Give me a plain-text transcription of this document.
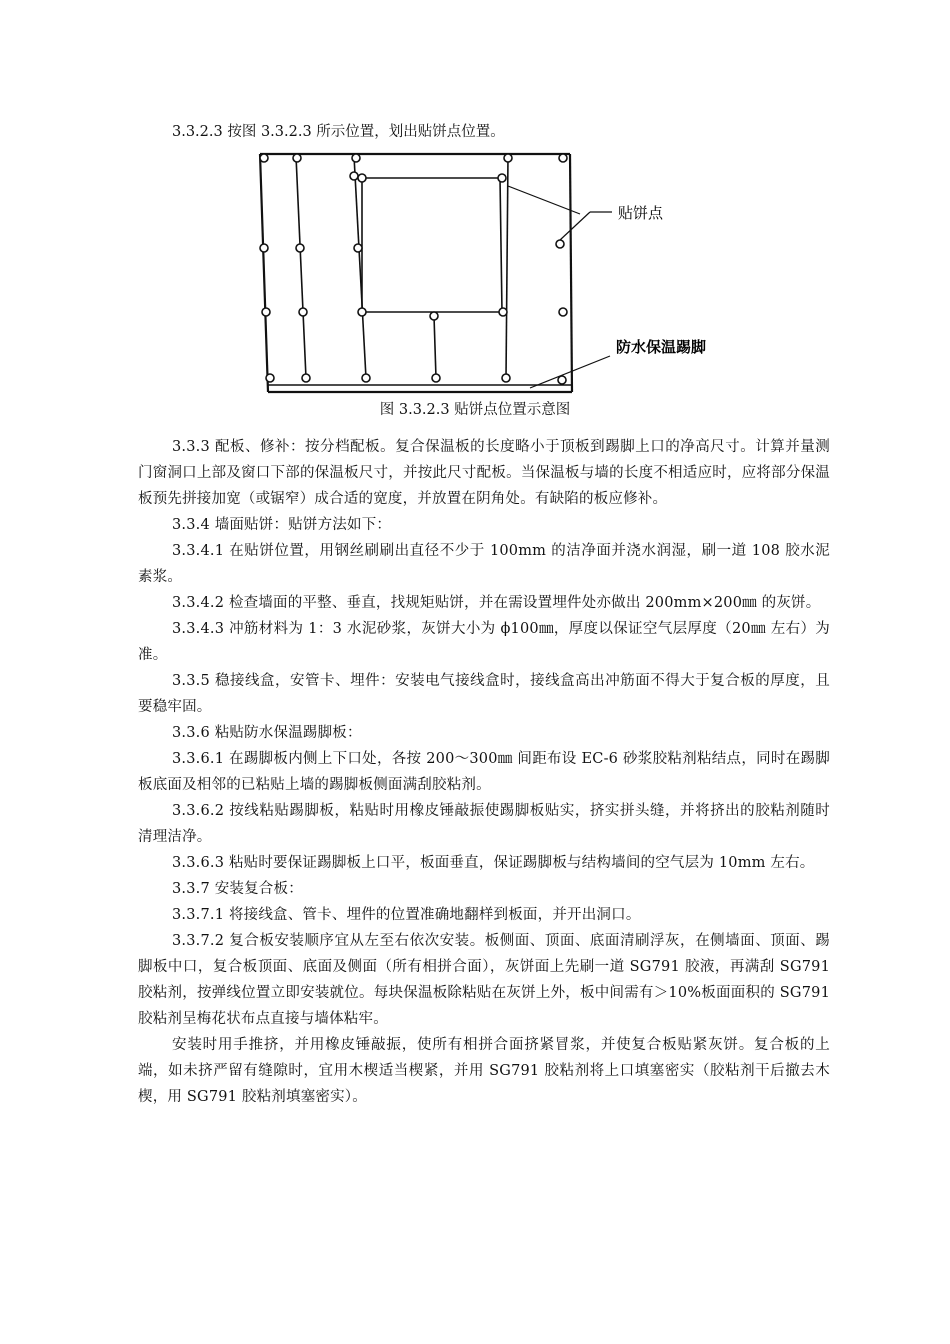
3.3.2.3 按图 3.3.2.3 所示位置，划出贴饼点位置。
贴饼点
防水保温踢脚
图 3.3.2.3 贴饼点位置示意图

3.3.3 配板、修补：按分档配板。复合保温板的长度略小于顶板到踢脚上口的净高尺寸。计算并量测门窗洞口上部及窗口下部的保温板尺寸，并按此尺寸配板。当保温板与墙的长度不相适应时，应将部分保温板预先拼接加宽（或锯窄）成合适的宽度，并放置在阴角处。有缺陷的板应修补。

3.3.4 墙面贴饼：贴饼方法如下：

3.3.4.1 在贴饼位置，用钢丝刷刷出直径不少于 100mm 的洁净面并浇水润湿，刷一道 108 胶水泥素浆。

3.3.4.2 检查墙面的平整、垂直，找规矩贴饼，并在需设置埋件处亦做出 200mm×200㎜ 的灰饼。

3.3.4.3 冲筋材料为 1：3 水泥砂浆，灰饼大小为 ϕ100㎜，厚度以保证空气层厚度（20㎜ 左右）为准。

3.3.5 稳接线盒，安管卡、埋件：安装电气接线盒时，接线盒高出冲筋面不得大于复合板的厚度，且要稳牢固。

3.3.6 粘贴防水保温踢脚板：

3.3.6.1 在踢脚板内侧上下口处，各按 200～300㎜ 间距布设 EC-6 砂浆胶粘剂粘结点，同时在踢脚板底面及相邻的已粘贴上墙的踢脚板侧面满刮胶粘剂。

3.3.6.2 按线粘贴踢脚板，粘贴时用橡皮锤敲振使踢脚板贴实，挤实拼头缝，并将挤出的胶粘剂随时清理洁净。

3.3.6.3 粘贴时要保证踢脚板上口平，板面垂直，保证踢脚板与结构墙间的空气层为 10mm 左右。

3.3.7 安装复合板：

3.3.7.1 将接线盒、管卡、埋件的位置准确地翻样到板面，并开出洞口。

3.3.7.2 复合板安装顺序宜从左至右依次安装。板侧面、顶面、底面清刷浮灰，在侧墙面、顶面、踢脚板中口，复合板顶面、底面及侧面（所有相拼合面），灰饼面上先刷一道 SG791 胶液，再满刮 SG791 胶粘剂，按弹线位置立即安装就位。每块保温板除粘贴在灰饼上外，板中间需有＞10%板面面积的 SG791 胶粘剂呈梅花状布点直接与墙体粘牢。

安装时用手推挤，并用橡皮锤敲振，使所有相拼合面挤紧冒浆，并使复合板贴紧灰饼。复合板的上端，如未挤严留有缝隙时，宜用木楔适当楔紧，并用 SG791 胶粘剂将上口填塞密实（胶粘剂干后撤去木楔，用 SG791 胶粘剂填塞密实）。
